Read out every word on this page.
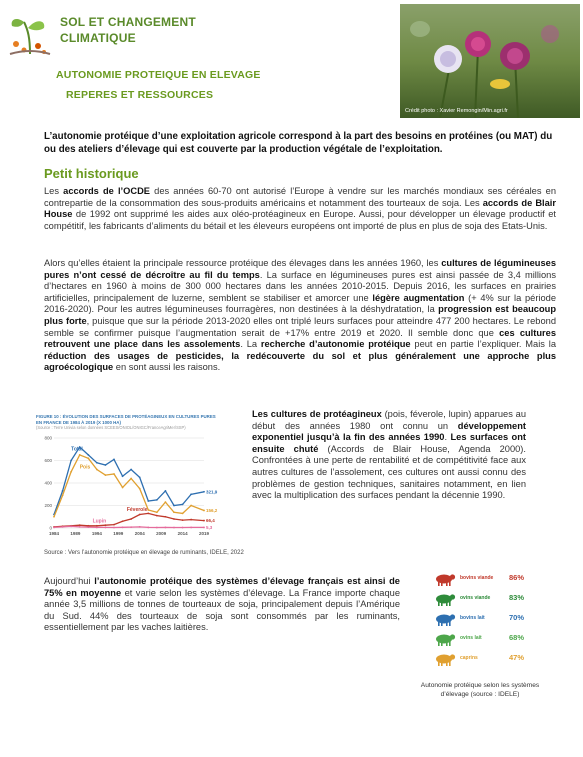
SOL ET CHANGEMENT
CLIMATIQUE
AUTONOMIE PROTEIQUE EN ELEVAGE
REPERES ET RESSOURCES
Crédit photo : Xavier Remongin/Min.agri.fr
L’autonomie protéique d’une exploitation agricole correspond à la part des besoins en protéines (ou MAT) du ou des ateliers d’élevage qui est couverte par la production végétale de l’exploitation.
Petit historique
Les accords de l’OCDE des années 60-70 ont autorisé l’Europe à vendre sur les marchés mondiaux ses céréales en contrepartie de la consommation des sous-produits américains et notamment des tourteaux de soja. Les accords de Blair House de 1992 ont supprimé les aides aux oléo-protéagineux en Europe. Aussi, pour développer un élevage productif et compétitif, les fabricants d’aliments du bétail et les éleveurs européens ont importé de plus en plus de soja des Etats-Unis.
Alors qu’elles étaient la principale ressource protéique des élevages dans les années 1960, les cultures de légumineuses pures n’ont cessé de décroître au fil du temps. La surface en légumineuses pures est ainsi passée de 3,4 millions d’hectares en 1960 à moins de 300 000 hectares dans les années 2010-2015. Depuis 2016, les surfaces en prairies artificielles, principalement de luzerne, semblent se stabiliser et amorcer une légère augmentation (+ 4% sur la période 2016-2020). Pour les autres légumineuses fourragères, non destinées à la déshydratation, la progression est beaucoup plus forte, puisque que sur la période 2013-2020 elles ont triplé leurs surfaces pour atteindre 477 200 hectares. Le rebond semble se confirmer puisque l’augmentation serait de +17% entre 2019 et 2020. Il semble donc que ces cultures retrouvent une place dans les assolements. La recherche d’autonomie protéique peut en partie l’expliquer. Mais la réduction des usages de pesticides, la redécouverte du sol et plus généralement une approche plus agroécologique en sont aussi les raisons.
FIGURE 10 : ÉVOLUTION DES SURFACES DE PROTÉAGINEUX EN CULTURES PURES EN FRANCE DE 1984 À 2019 (X 1000 HA)
(Source : Terre Univia selon données SCEES/ONIOL/ONIGC/FranceAgriMer/SSP)
0
200
400
600
800
1984	1989	1994	1999	2004	2009	2014	2019
Total
321,9
Pois
156,2
Féverole
66,4
Lupin
5,3
Source : Vers l’autonomie protéique en élevage de ruminants, IDELE, 2022
Les cultures de protéagineux (pois, féverole, lupin) apparues au début des années 1980 ont connu un développement exponentiel jusqu’à la fin des années 1990. Les surfaces ont ensuite chuté (Accords de Blair House, Agenda 2000). Confrontées à une perte de rentabilité et de compétitivité face aux autres cultures de l’assolement, ces cultures ont aussi connu des problèmes de gestion techniques, sanitaires notamment, en lien avec la multiplication des surfaces pendant la décennie 1990.
Aujourd’hui l’autonomie protéique des systèmes d’élevage français est ainsi de 75% en moyenne et varie selon les systèmes d’élevage. La France importe chaque année 3,5 millions de tonnes de tourteaux de soja, principalement depuis l’Amérique du Sud. 44% des tourteaux de soja sont consommés par les ruminants, essentiellement par les vaches laitières.
bovins viande 86%
ovins viande 83%
bovins lait	70%
ovins lait	68%
caprins	47%
Autonomie protéique selon les systèmes d’élevage (source : IDELE)
